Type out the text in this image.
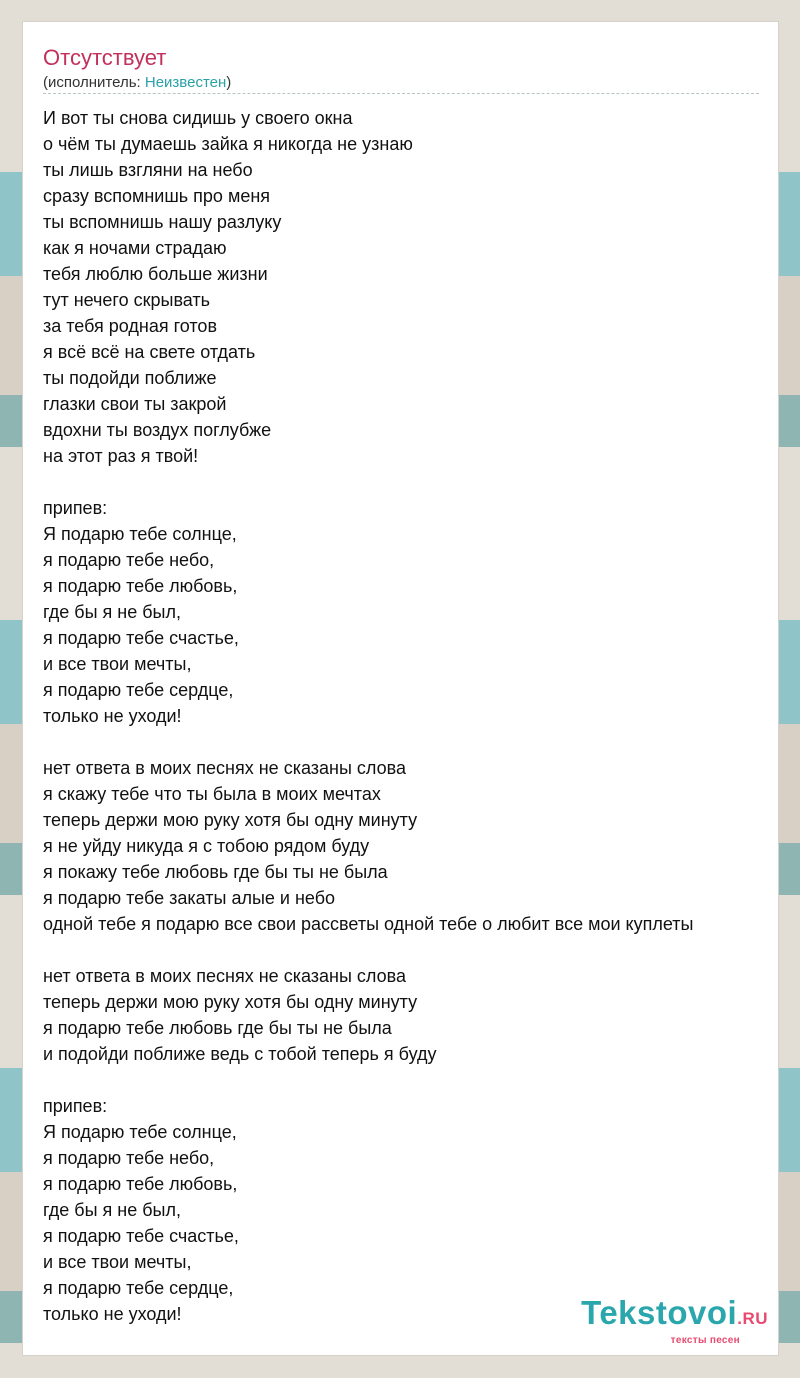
Отсутствует
(исполнитель: Неизвестен)
И вот ты снова сидишь у своего окна
о чём ты думаешь зайка я никогда не узнаю
ты лишь взгляни на небо
сразу вспомнишь про меня
ты вспомнишь нашу разлуку
как я ночами страдаю
тебя люблю больше жизни
тут нечего скрывать
за тебя родная готов
я всё всё на свете отдать
ты подойди поближе
глазки свои ты закрой
вдохни ты воздух поглубже
на этот раз я твой!
припев:
Я подарю тебе солнце,
я подарю тебе небо,
я подарю тебе любовь,
где бы я не был,
я подарю тебе счастье,
и все твои мечты,
я подарю тебе сердце,
только не уходи!
нет ответа в моих песнях не сказаны слова
я скажу тебе что ты была в моих мечтах
теперь держи мою руку хотя бы одну минуту
я не уйду никуда я с тобою рядом буду
я покажу тебе любовь где бы ты не была
я подарю тебе закаты алые и небо
одной тебе я подарю все свои рассветы одной тебе о любит все мои куплеты
нет ответа в моих песнях не сказаны слова
теперь держи мою руку хотя бы одну минуту
я подарю тебе любовь где бы ты не была
и подойди поближе ведь с тобой теперь я буду
припев:
Я подарю тебе солнце,
я подарю тебе небо,
я подарю тебе любовь,
где бы я не был,
я подарю тебе счастье,
и все твои мечты,
я подарю тебе сердце,
только не уходи!	Tekstovoi.RU
тексты песен
